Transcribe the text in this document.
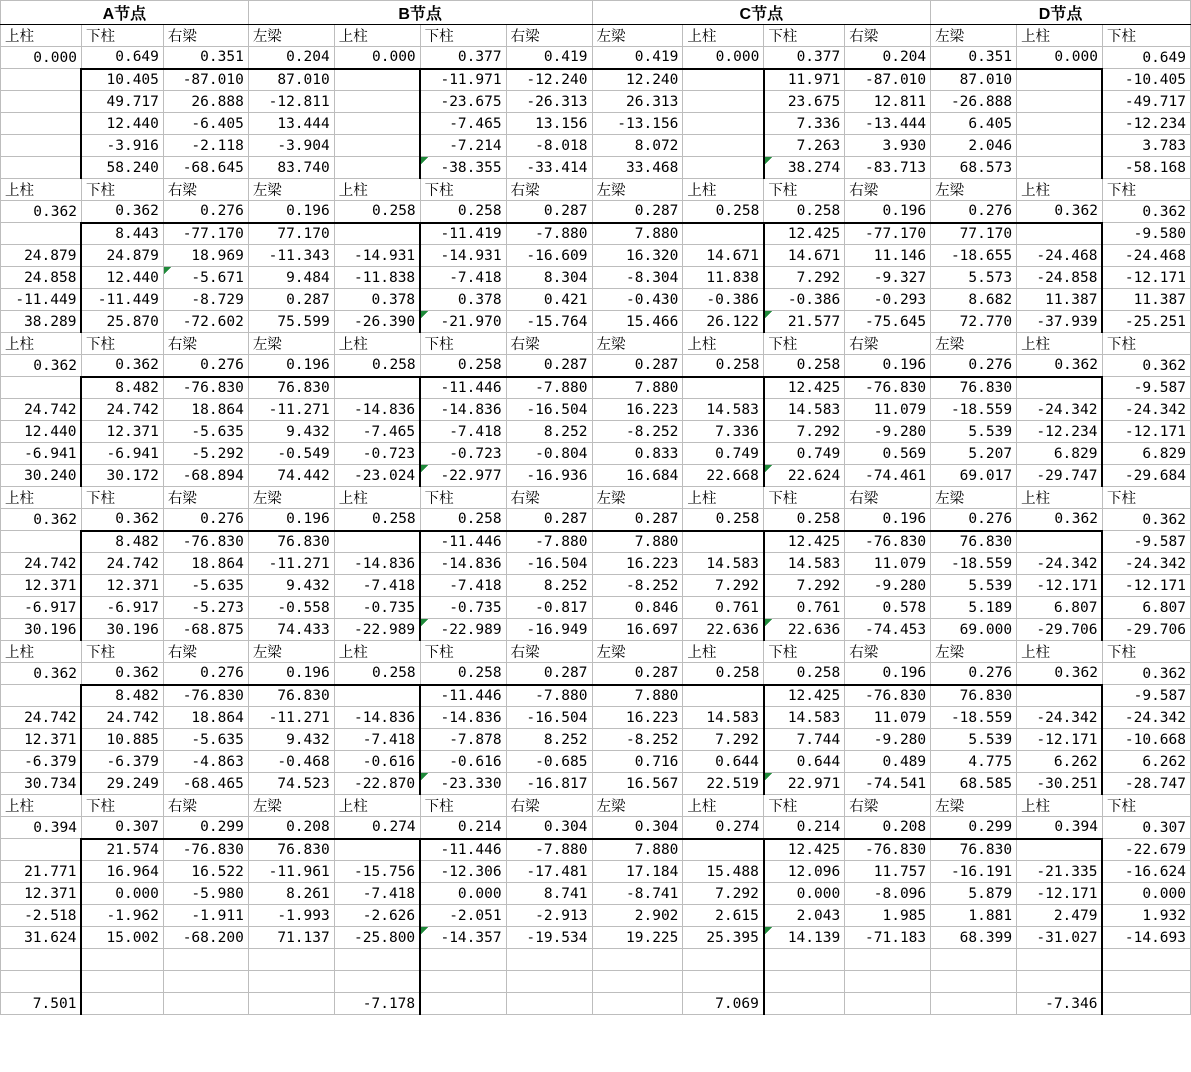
A节点			B节点				C节点				D节点		
上柱	下柱	右梁	左梁	上柱	下柱	右梁	左梁	上柱	下柱	右梁	左梁	上柱	下柱
0.000	0.649	0.351	0.204	0.000	0.377	0.419	0.419	0.000	0.377	0.204	0.351	0.000	0.649
	10.405	-87.010	87.010		-11.971	-12.240	12.240		11.971	-87.010	87.010		-10.405
	49.717	26.888	-12.811		-23.675	-26.313	26.313		23.675	12.811	-26.888		-49.717
	12.440	-6.405	13.444		-7.465	13.156	-13.156		7.336	-13.444	6.405		-12.234
	-3.916	-2.118	-3.904		-7.214	-8.018	8.072		7.263	3.930	2.046		3.783
	58.240	-68.645	83.740		-38.355	-33.414	33.468		38.274	-83.713	68.573		-58.168
上柱	下柱	右梁	左梁	上柱	下柱	右梁	左梁	上柱	下柱	右梁	左梁	上柱	下柱
0.362	0.362	0.276	0.196	0.258	0.258	0.287	0.287	0.258	0.258	0.196	0.276	0.362	0.362
	8.443	-77.170	77.170		-11.419	-7.880	7.880		12.425	-77.170	77.170		-9.580
24.879	24.879	18.969	-11.343	-14.931	-14.931	-16.609	16.320	14.671	14.671	11.146	-18.655	-24.468	-24.468
24.858	12.440	-5.671	9.484	-11.838	-7.418	8.304	-8.304	11.838	7.292	-9.327	5.573	-24.858	-12.171
-11.449	-11.449	-8.729	0.287	0.378	0.378	0.421	-0.430	-0.386	-0.386	-0.293	8.682	11.387	11.387
38.289	25.870	-72.602	75.599	-26.390	-21.970	-15.764	15.466	26.122	21.577	-75.645	72.770	-37.939	-25.251
上柱	下柱	右梁	左梁	上柱	下柱	右梁	左梁	上柱	下柱	右梁	左梁	上柱	下柱
0.362	0.362	0.276	0.196	0.258	0.258	0.287	0.287	0.258	0.258	0.196	0.276	0.362	0.362
	8.482	-76.830	76.830		-11.446	-7.880	7.880		12.425	-76.830	76.830		-9.587
24.742	24.742	18.864	-11.271	-14.836	-14.836	-16.504	16.223	14.583	14.583	11.079	-18.559	-24.342	-24.342
12.440	12.371	-5.635	9.432	-7.465	-7.418	8.252	-8.252	7.336	7.292	-9.280	5.539	-12.234	-12.171
-6.941	-6.941	-5.292	-0.549	-0.723	-0.723	-0.804	0.833	0.749	0.749	0.569	5.207	6.829	6.829
30.240	30.172	-68.894	74.442	-23.024	-22.977	-16.936	16.684	22.668	22.624	-74.461	69.017	-29.747	-29.684
上柱	下柱	右梁	左梁	上柱	下柱	右梁	左梁	上柱	下柱	右梁	左梁	上柱	下柱
0.362	0.362	0.276	0.196	0.258	0.258	0.287	0.287	0.258	0.258	0.196	0.276	0.362	0.362
	8.482	-76.830	76.830		-11.446	-7.880	7.880		12.425	-76.830	76.830		-9.587
24.742	24.742	18.864	-11.271	-14.836	-14.836	-16.504	16.223	14.583	14.583	11.079	-18.559	-24.342	-24.342
12.371	12.371	-5.635	9.432	-7.418	-7.418	8.252	-8.252	7.292	7.292	-9.280	5.539	-12.171	-12.171
-6.917	-6.917	-5.273	-0.558	-0.735	-0.735	-0.817	0.846	0.761	0.761	0.578	5.189	6.807	6.807
30.196	30.196	-68.875	74.433	-22.989	-22.989	-16.949	16.697	22.636	22.636	-74.453	69.000	-29.706	-29.706
上柱	下柱	右梁	左梁	上柱	下柱	右梁	左梁	上柱	下柱	右梁	左梁	上柱	下柱
0.362	0.362	0.276	0.196	0.258	0.258	0.287	0.287	0.258	0.258	0.196	0.276	0.362	0.362
	8.482	-76.830	76.830		-11.446	-7.880	7.880		12.425	-76.830	76.830		-9.587
24.742	24.742	18.864	-11.271	-14.836	-14.836	-16.504	16.223	14.583	14.583	11.079	-18.559	-24.342	-24.342
12.371	10.885	-5.635	9.432	-7.418	-7.878	8.252	-8.252	7.292	7.744	-9.280	5.539	-12.171	-10.668
-6.379	-6.379	-4.863	-0.468	-0.616	-0.616	-0.685	0.716	0.644	0.644	0.489	4.775	6.262	6.262
30.734	29.249	-68.465	74.523	-22.870	-23.330	-16.817	16.567	22.519	22.971	-74.541	68.585	-30.251	-28.747
上柱	下柱	右梁	左梁	上柱	下柱	右梁	左梁	上柱	下柱	右梁	左梁	上柱	下柱
0.394	0.307	0.299	0.208	0.274	0.214	0.304	0.304	0.274	0.214	0.208	0.299	0.394	0.307
	21.574	-76.830	76.830		-11.446	-7.880	7.880		12.425	-76.830	76.830		-22.679
21.771	16.964	16.522	-11.961	-15.756	-12.306	-17.481	17.184	15.488	12.096	11.757	-16.191	-21.335	-16.624
12.371	0.000	-5.980	8.261	-7.418	0.000	8.741	-8.741	7.292	0.000	-8.096	5.879	-12.171	0.000
-2.518	-1.962	-1.911	-1.993	-2.626	-2.051	-2.913	2.902	2.615	2.043	1.985	1.881	2.479	1.932
31.624	15.002	-68.200	71.137	-25.800	-14.357	-19.534	19.225	25.395	14.139	-71.183	68.399	-31.027	-14.693

7.501				-7.178				7.069				-7.346	
